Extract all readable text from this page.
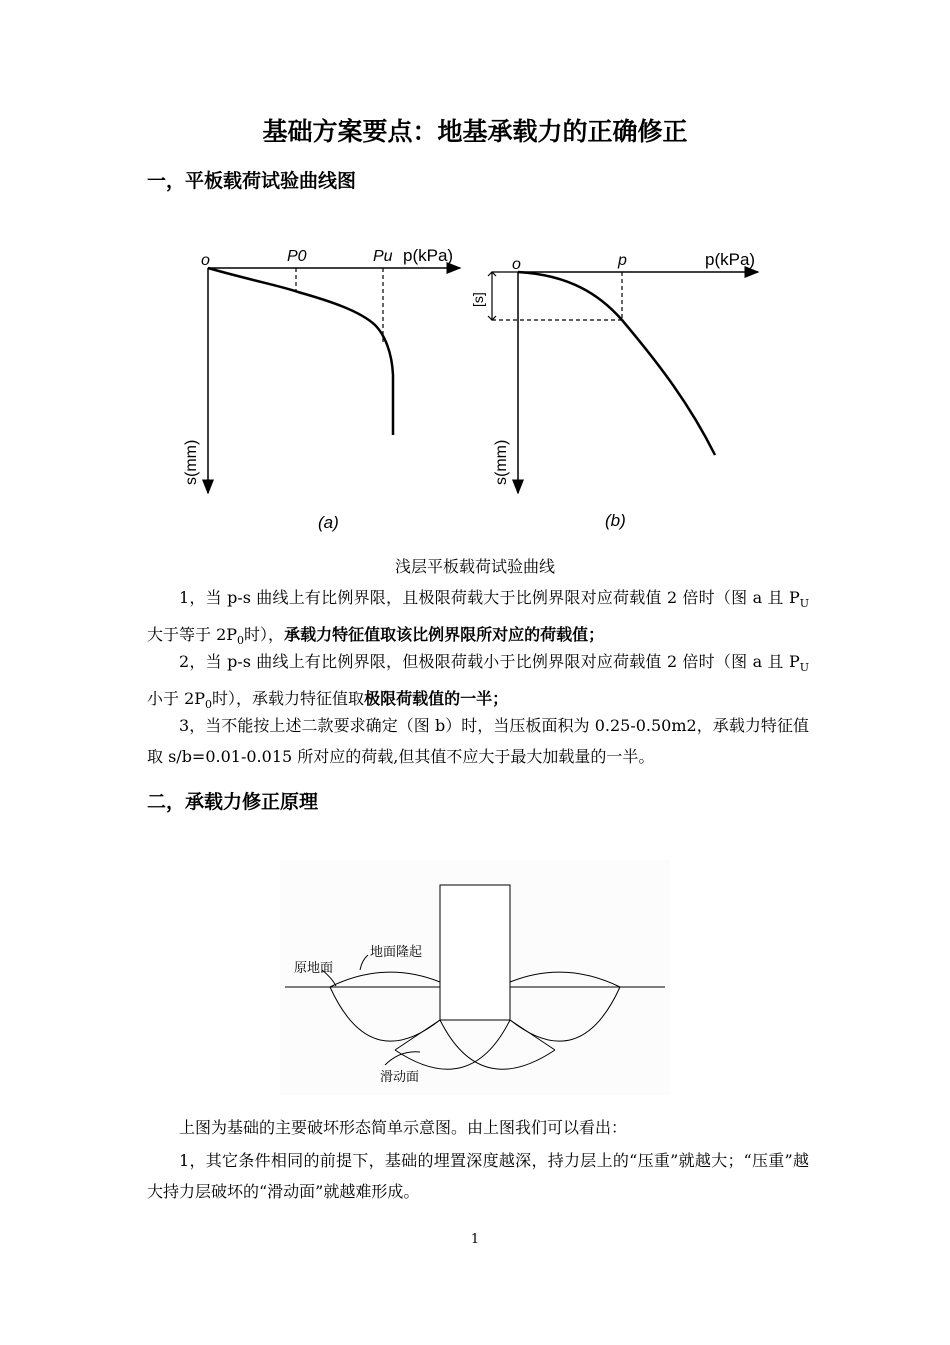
基础方案要点：地基承载力的正确修正
一，平板载荷试验曲线图
o	P0	Pu p(kPa)
s(mm)
(a)
[s]
o	p	p(kPa)
s(mm)
(b)
浅层平板载荷试验曲线
1，当 p-s 曲线上有比例界限，且极限荷载大于比例界限对应荷载值 2 倍时（图 a 且 $P_U$大于等于 $2P_0$时），承载力特征值取该比例界限所对应的荷载值；
2，当 p-s 曲线上有比例界限，但极限荷载小于比例界限对应荷载值 2 倍时（图 a 且 $P_U$小于 $2P_0$时），承载力特征值取极限荷载值的一半；
3，当不能按上述二款要求确定（图 b）时，当压板面积为 0.25-0.50m2，承载力特征值取 s/b=0.01-0.015 所对应的荷载,但其值不应大于最大加载量的一半。
二，承载力修正原理
原地面
地面隆起
滑动面
上图为基础的主要破坏形态简单示意图。由上图我们可以看出：
1，其它条件相同的前提下，基础的埋置深度越深，持力层上的“压重”就越大；“压重”越大持力层破坏的“滑动面”就越难形成。
1
